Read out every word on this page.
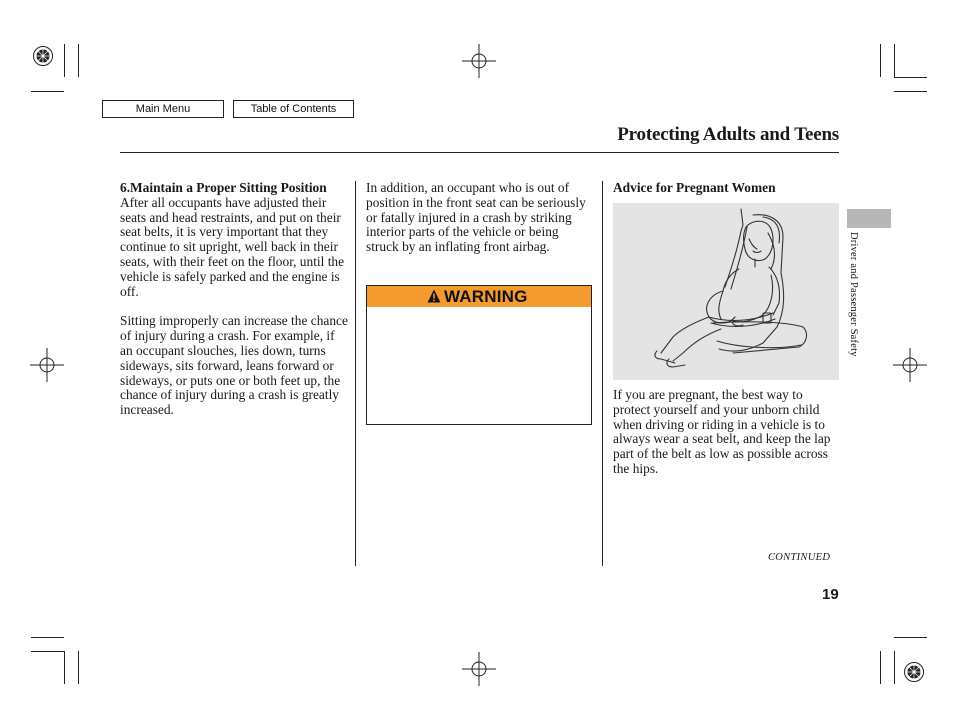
Main Menu	Table of Contents
Protecting Adults and Teens

6.Maintain a Proper Sitting Position

After all occupants have adjusted their seats and head restraints, and put on their seat belts, it is very important that they continue to sit upright, well back in their seats, with their feet on the floor, until the vehicle is safely parked and the engine is off.

Sitting improperly can increase the chance of injury during a crash. For example, if an occupant slouches, lies down, turns sideways, sits forward, leans forward or sideways, or puts one or both feet up, the chance of injury during a crash is greatly increased.

In addition, an occupant who is out of position in the front seat can be seriously or fatally injured in a crash by striking interior parts of the vehicle or being struck by an inflating front airbag.

WARNING

Advice for Pregnant Women

If you are pregnant, the best way to protect yourself and your unborn child when driving or riding in a vehicle is to always wear a seat belt, and keep the lap part of the belt as low as possible across the hips.

Driver and Passenger Safety
CONTINUED
19
